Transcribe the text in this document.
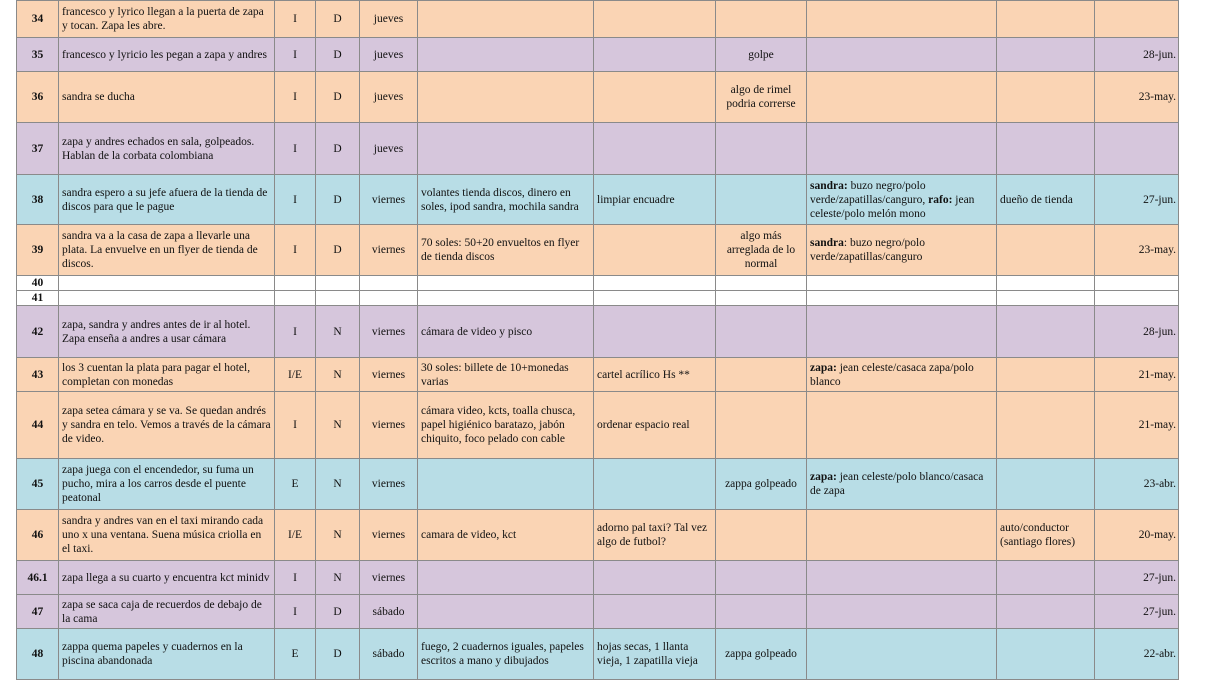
34	francesco y lyrico llegan a la puerta de zapa y tocan. Zapa les abre.	I	D	jueves						
35	francesco y lyricio les pegan a zapa y andres	I	D	jueves			golpe			28-jun.
36	sandra se ducha	I	D	jueves			algo de rimel podria correrse			23-may.
37	zapa y andres echados en sala, golpeados. Hablan de la corbata colombiana	I	D	jueves						
38	sandra espero a su jefe afuera de la tienda de discos para que le pague	I	D	viernes	volantes tienda discos, dinero en soles, ipod sandra, mochila sandra	limpiar encuadre		sandra: buzo negro/polo verde/zapatillas/canguro, rafo: jean celeste/polo melón mono	dueño de tienda	27-jun.
39	sandra va a la casa de zapa a llevarle una plata. La envuelve en un flyer de tienda de discos.	I	D	viernes	70 soles: 50+20 envueltos en flyer de tienda discos		algo más arreglada de lo normal	sandra: buzo negro/polo verde/zapatillas/canguro		23-may.
40										
41										
42	zapa, sandra y andres antes de ir al hotel. Zapa enseña a andres a usar cámara	I	N	viernes	cámara de video y pisco					28-jun.
43	los 3 cuentan la plata para pagar el hotel, completan con monedas	I/E	N	viernes	30 soles: billete de 10+monedas varias	cartel acrílico Hs **		zapa: jean celeste/casaca zapa/polo blanco		21-may.
44	zapa setea cámara y se va. Se quedan andrés y sandra en telo. Vemos a través de la cámara de video.	I	N	viernes	cámara video, kcts, toalla chusca, papel higiénico baratazo, jabón chiquito, foco pelado con cable	ordenar espacio real				21-may.
45	zapa juega con el encendedor, su fuma un pucho, mira a los carros desde el puente peatonal	E	N	viernes			zappa golpeado	zapa: jean celeste/polo blanco/casaca de zapa		23-abr.
46	sandra y andres van en el taxi mirando cada uno x una ventana. Suena música criolla en el taxi.	I/E	N	viernes	camara de video, kct	adorno pal taxi? Tal vez algo de futbol?			auto/conductor (santiago flores)	20-may.
46.1	zapa llega a su cuarto y encuentra kct minidv	I	N	viernes						27-jun.
47	zapa se saca caja de recuerdos de debajo de la cama	I	D	sábado						27-jun.
48	zappa quema papeles y cuadernos en la piscina abandonada	E	D	sábado	fuego, 2 cuadernos iguales, papeles escritos a mano y dibujados	hojas secas, 1 llanta vieja, 1 zapatilla vieja	zappa golpeado			22-abr.
